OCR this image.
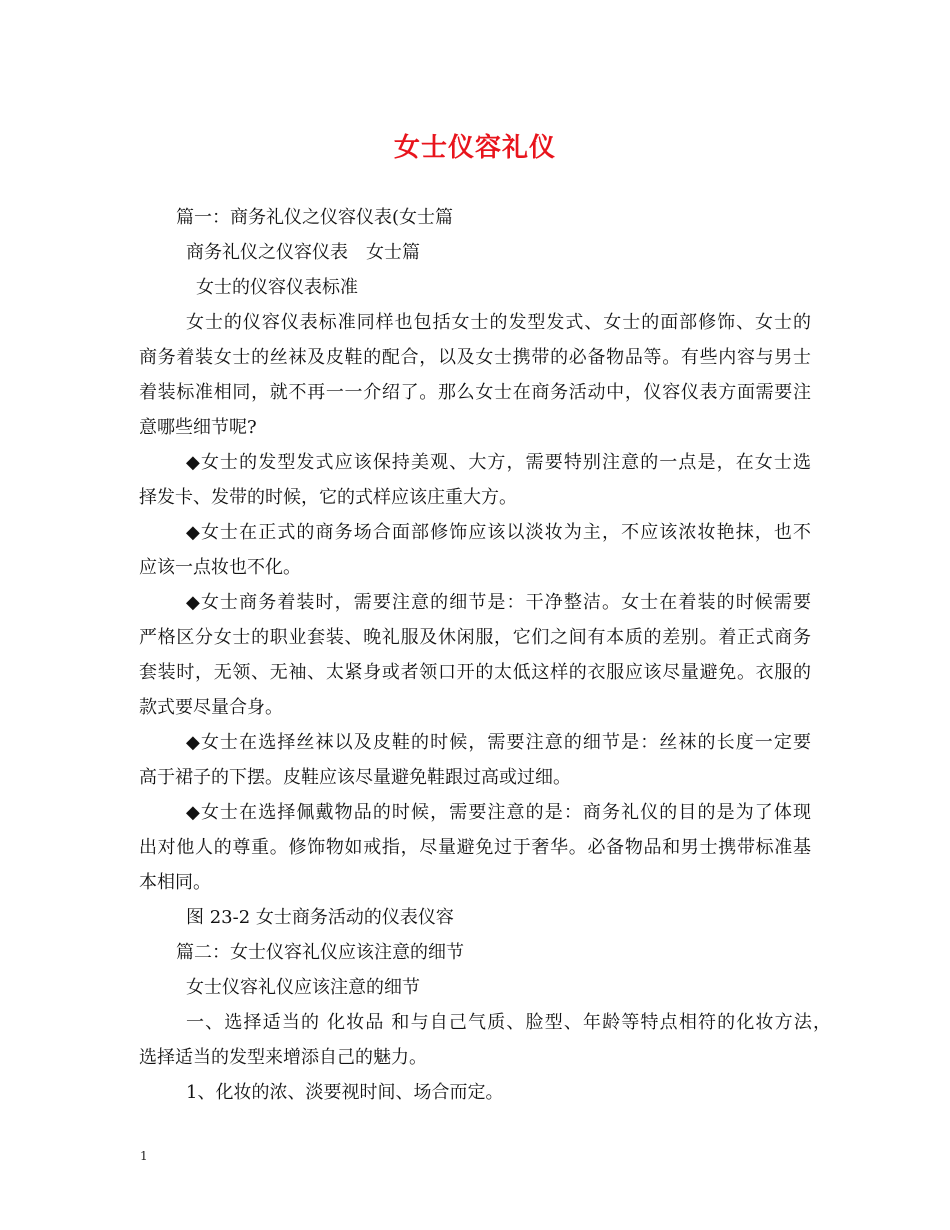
女士仪容礼仪
篇一：商务礼仪之仪容仪表(女士篇
商务礼仪之仪容仪表　女士篇
女士的仪容仪表标准
女士的仪容仪表标准同样也包括女士的发型发式、女士的面部修饰、女士的
商务着装女士的丝袜及皮鞋的配合，以及女士携带的必备物品等。有些内容与男士
着装标准相同，就不再一一介绍了。那么女士在商务活动中，仪容仪表方面需要注
意哪些细节呢?
◆女士的发型发式应该保持美观、大方，需要特别注意的一点是，在女士选
择发卡、发带的时候，它的式样应该庄重大方。
◆女士在正式的商务场合面部修饰应该以淡妆为主，不应该浓妆艳抹，也不
应该一点妆也不化。
◆女士商务着装时，需要注意的细节是：干净整洁。女士在着装的时候需要
严格区分女士的职业套装、晚礼服及休闲服，它们之间有本质的差别。着正式商务
套装时，无领、无袖、太紧身或者领口开的太低这样的衣服应该尽量避免。衣服的
款式要尽量合身。
◆女士在选择丝袜以及皮鞋的时候，需要注意的细节是：丝袜的长度一定要
高于裙子的下摆。皮鞋应该尽量避免鞋跟过高或过细。
◆女士在选择佩戴物品的时候，需要注意的是：商务礼仪的目的是为了体现
出对他人的尊重。修饰物如戒指，尽量避免过于奢华。必备物品和男士携带标准基
本相同。
图 23-2 女士商务活动的仪表仪容
篇二：女士仪容礼仪应该注意的细节
女士仪容礼仪应该注意的细节
一、选择适当的 化妆品 和与自己气质、脸型、年龄等特点相符的化妆方法，
选择适当的发型来增添自己的魅力。
1、化妆的浓、淡要视时间、场合而定。
1
